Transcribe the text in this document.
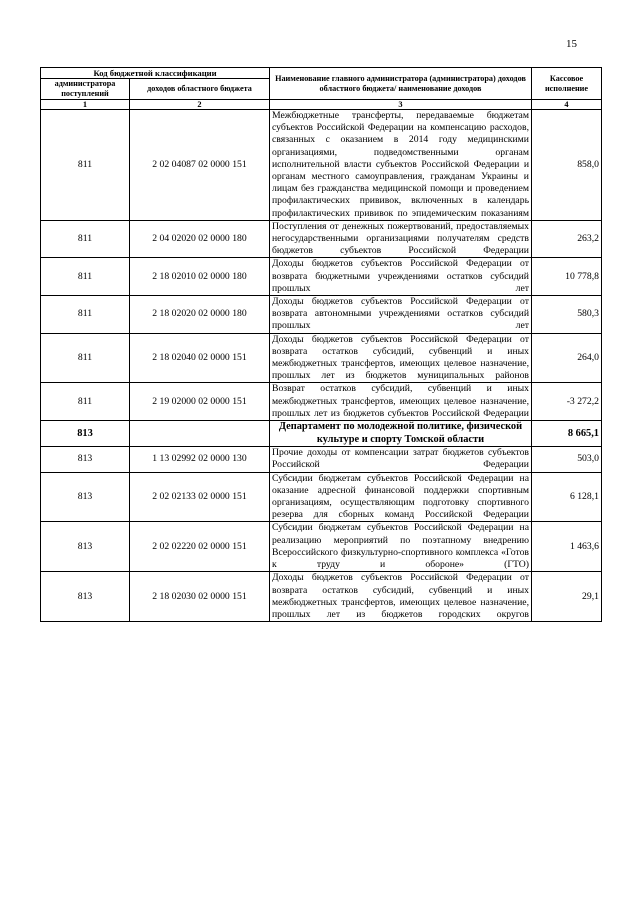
15
Код бюджетной классификации		Наименование главного администратора (администратора) доходов областного бюджета/ наименование доходов	Кассовое исполнение
администратора поступлений	доходов областного бюджета		
1	2	3	4
811	2 02 04087 02 0000 151	Межбюджетные трансферты, передаваемые бюджетам субъектов Российской Федерации на компенсацию расходов, связанных с оказанием в 2014 году медицинскими организациями, подведомственными органам исполнительной власти субъектов Российской Федерации и органам местного самоуправления, гражданам Украины и лицам без гражданства медицинской помощи и проведением профилактических прививок, включенных в календарь профилактических прививок по эпидемическим показаниям	858,0
811	2 04 02020 02 0000 180	Поступления от денежных пожертвований, предоставляемых негосударственными организациями получателям средств бюджетов субъектов Российской Федерации	263,2
811	2 18 02010 02 0000 180	Доходы бюджетов субъектов Российской Федерации от возврата бюджетными учреждениями остатков субсидий прошлых лет	10 778,8
811	2 18 02020 02 0000 180	Доходы бюджетов субъектов Российской Федерации от возврата автономными учреждениями остатков субсидий прошлых лет	580,3
811	2 18 02040 02 0000 151	Доходы бюджетов субъектов Российской Федерации от возврата остатков субсидий, субвенций и иных межбюджетных трансфертов, имеющих целевое назначение, прошлых лет из бюджетов муниципальных районов	264,0
811	2 19 02000 02 0000 151	Возврат остатков субсидий, субвенций и иных межбюджетных трансфертов, имеющих целевое назначение, прошлых лет из бюджетов субъектов Российской Федерации	-3 272,2
813		Департамент по молодежной политике, физической культуре и спорту Томской области	8 665,1
813	1 13 02992 02 0000 130	Прочие доходы от компенсации затрат бюджетов субъектов Российской Федерации	503,0
813	2 02 02133 02 0000 151	Субсидии бюджетам субъектов Российской Федерации на оказание адресной финансовой поддержки спортивным организациям, осуществляющим подготовку спортивного резерва для сборных команд Российской Федерации	6 128,1
813	2 02 02220 02 0000 151	Субсидии бюджетам субъектов Российской Федерации на реализацию мероприятий по поэтапному внедрению Всероссийского физкультурно-спортивного комплекса «Готов к труду и обороне» (ГТО)	1 463,6
813	2 18 02030 02 0000 151	Доходы бюджетов субъектов Российской Федерации от возврата остатков субсидий, субвенций и иных межбюджетных трансфертов, имеющих целевое назначение, прошлых лет из бюджетов городских округов	29,1
